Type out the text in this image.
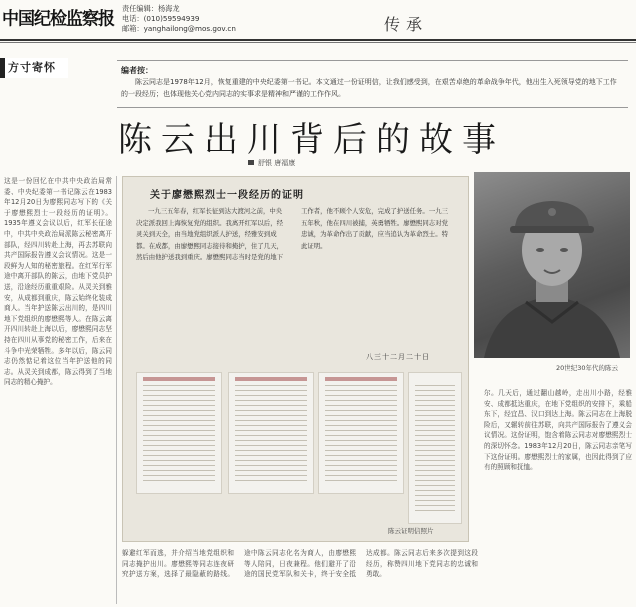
中国纪检监察报
责任编辑：杨海龙
电话：(010)59594939
邮箱：yanghailong@mos.gov.cn	传承
方寸寄怀	编者按：
陈云同志是1978年12月，恢复重建的中央纪委第一书记。本文通过一份证明信，让我们感受到，在艰苦卓绝的革命战争年代，他出生入死领导党的地下工作的一段经历；也体现他关心党内同志的实事求是精神和严谨的工作作风。
陈云出川背后的故事
舒银 唐福康
这是一份回忆在中共中央政治局常委、中央纪委第一书记陈云在1983年12月20日为廖熙同志写下的《关于廖懋熙烈士一段经历的证明》。1935年遵义会议以后，红军长征途中，中共中央政治局派陈云秘密离开部队，经四川转赴上海，再去苏联向共产国际报告遵义会议情况。这是一段鲜为人知的秘密旅程。在红军行军途中离开部队的陈云，由地下党员护送，沿途经历重重艰险。从灵关到雅安，从成都到重庆，陈云始终化装成商人。当年护送陈云出川的，是四川地下党组织的廖懋熙等人。在陈云离开四川转赴上海以后，廖懋熙同志坚持在四川从事党的秘密工作，后来在斗争中光荣牺牲。多年以后，陈云同志仍然惦记着这位当年护送他的同志。从灵关到成都，陈云得到了当地同志的精心掩护。
关于廖懋熙烈士一段经历的证明
一九三五年春，红军长征到达大渡河之前，中央决定派我回上海恢复党的组织。我离开红军以后，经灵关到天全，由当地党组织派人护送，经雅安到成都。在成都，由廖懋熙同志接待和掩护，住了几天，然后由他护送我到重庆。廖懋熙同志当时是党的地下工作者，他不顾个人安危，完成了护送任务。一九三五年秋，他在四川被捕，英勇牺牲。廖懋熙同志对党忠诚，为革命作出了贡献，应当追认为革命烈士。特此证明。
八三十二月二十日
陈云证明信照片
躲避红军而逃，并介绍当地党组织和同志掩护出川。廖懋熙等同志连夜研究护送方案，选择了最隐蔽的路线。途中陈云同志化名为商人，由廖懋熙等人陪同，日夜兼程。他们避开了沿途的国民党军队和关卡，终于安全抵达成都。陈云同志后来多次提到这段经历，称赞四川地下党同志的忠诚和勇敢。
20世纪30年代的陈云
尔。几天后，通过翻山越岭，走出川小路，经雅安、成都抵达重庆，在地下党组织的安排下，乘船东下，经宜昌、汉口到达上海。陈云同志在上海脱险后，又辗转前往苏联，向共产国际报告了遵义会议情况。这份证明，饱含着陈云同志对廖懋熙烈士的深切怀念。1983年12月20日，陈云同志亲笔写下这份证明。廖懋熙烈士的家属，也因此得到了应有的照顾和抚恤。
